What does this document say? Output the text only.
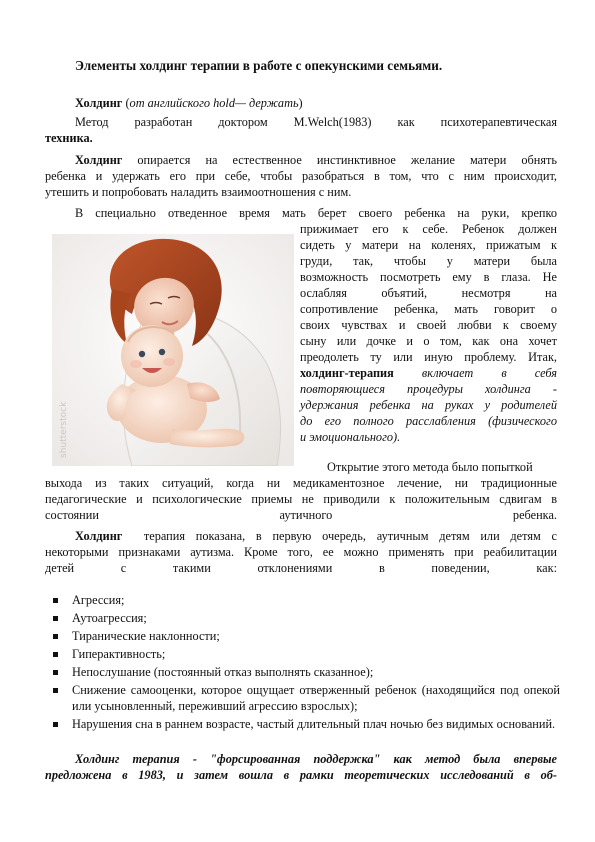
Элементы холдинг терапии в работе с опекунскими семьями.
Холдинг (от английского hold— держать)
Метод разработан доктором M.Welch(1983) как психотерапевтическая
техника.
Холдинг опирается на естественное инстинктивное желание матери обнять
ребенка и удержать его при себе, чтобы разобраться в том, что с ним происходит,
утешить и попробовать наладить взаимоотношения с ним.
В специально отведенное время мать берет своего ребенка на руки, крепко
shutterstock
прижимает его к себе. Ребенок должен
сидеть у матери на коленях, прижатым к
груди, так, чтобы у матери была
возможность посмотреть ему в глаза. Не
ослабляя объятий, несмотря на
сопротивление ребенка, мать говорит о
своих чувствах и своей любви к своему
сыну или дочке и о том, как она хочет
преодолеть ту или иную проблему. Итак,
холдинг-терапия включает в себя
повторяющиеся процедуры холдинга -
удержания ребенка на руках у родителей
до его полного расслабления (физического
и эмоционального).
Открытие этого метода было попыткой
выхода из таких ситуаций, когда ни медикаментозное лечение, ни традиционные
педагогические и психологические приемы не приводили к положительным сдвигам в
состоянии                  аутичного                  ребенка.
Холдинг  терапия показана, в первую очередь, аутичным детям или детям с
некоторыми признаками аутизма. Кроме того, ее можно применять при реабилитации
детей       с       такими       отклонениями       в       поведении,       как:
Агрессия;
Аутоагрессия;
Тиранические наклонности;
Гиперактивность;
Непослушание (постоянный отказ выполнять сказанное);
Снижение самооценки, которое ощущает отверженный ребенок (находящийся под опекой или усыновленный, переживший агрессию взрослых);
Нарушения сна в раннем возрасте, частый длительный плач ночью без видимых оснований.
Холдинг терапия - "форсированная поддержка" как метод была впервые
предложена в 1983, и затем вошла в рамки теоретических исследований в об-
